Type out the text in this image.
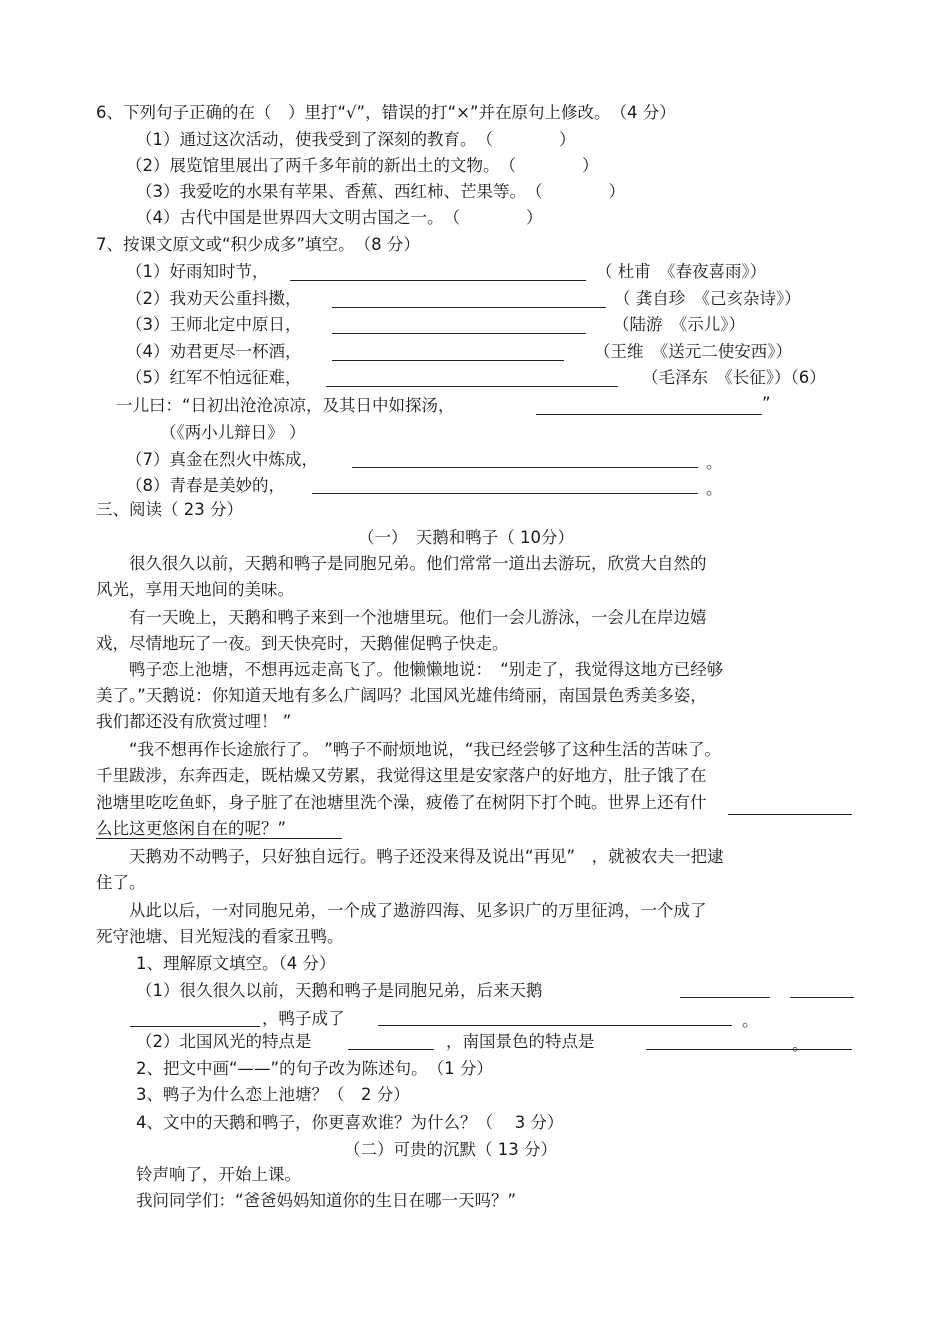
6、下列句子正确的在（　）里打“√”，错误的打“×”并在原句上修改。　（4 分）
（1）通过这次活动，使我受到了深刻的教育。　（　　　　）
（2）展览馆里展出了两千多年前的新出土的文物。　（　　　　）
（3）我爱吃的水果有苹果、香蕉、西红柿、芒果等。　（　　　　）
（4）古代中国是世界四大文明古国之一。　（　　　　）
7、按课文原文或“积少成多”填空。　（8 分）
（1）好雨知时节，	（ 杜甫　《春夜喜雨》）
（2）我劝天公重抖擞，	（ 龚自珍　《己亥杂诗》）
（3）王师北定中原日，	（陆游　《示儿》）
（4）劝君更尽一杯酒，	（王维　《送元二使安西》）
（5）红军不怕远征难，	（毛泽东　《长征》）（6）
一儿曰：“日初出沧沧凉凉，及其日中如探汤，	”
（《两小儿辩日》 ）
（7）真金在烈火中炼成，	。
（8）青春是美妙的，	。
三、阅读（ 23 分）
（一）　天鹅和鸭子（ 10分）
　　很久很久以前，天鹅和鸭子是同胞兄弟。他们常常一道出去游玩，欣赏大自然的
风光，享用天地间的美味。
　　有一天晚上，天鹅和鸭子来到一个池塘里玩。他们一会儿游泳，一会儿在岸边嬉
戏，尽情地玩了一夜。到天快亮时，天鹅催促鸭子快走。
　　鸭子恋上池塘，不想再远走高飞了。他懒懒地说：　“别走了，我觉得这地方已经够
美了。”天鹅说：你知道天地有多么广阔吗？北国风光雄伟绮丽，南国景色秀美多姿，
我们都还没有欣赏过哩！ ”
　　“我不想再作长途旅行了。 ”鸭子不耐烦地说，“我已经尝够了这种生活的苦味了。
千里跋涉，东奔西走，既枯燥又劳累，我觉得这里是安家落户的好地方，肚子饿了在
池塘里吃吃鱼虾，身子脏了在池塘里洗个澡，疲倦了在树阴下打个盹。世界上还有什
么比这更悠闲自在的呢？”
　　天鹅劝不动鸭子，只好独自远行。鸭子还没来得及说出“再见”　，就被农夫一把逮
住了。
　　从此以后，一对同胞兄弟，一个成了遨游四海、见多识广的万里征鸿，一个成了
死守池塘、目光短浅的看家丑鸭。
1、理解原文填空。（4 分）
（1）很久很久以前，天鹅和鸭子是同胞兄弟，后来天鹅
，鸭子成了	。
（2）北国风光的特点是	，南国景色的特点是	。
2、把文中画“——”的句子改为陈述句。　（1 分）
3、鸭子为什么恋上池塘？（　2 分）
4、文中的天鹅和鸭子，你更喜欢谁？为什么？（　 3 分）
（二）可贵的沉默（ 13 分）
铃声响了，开始上课。
我问同学们：“爸爸妈妈知道你的生日在哪一天吗？”
